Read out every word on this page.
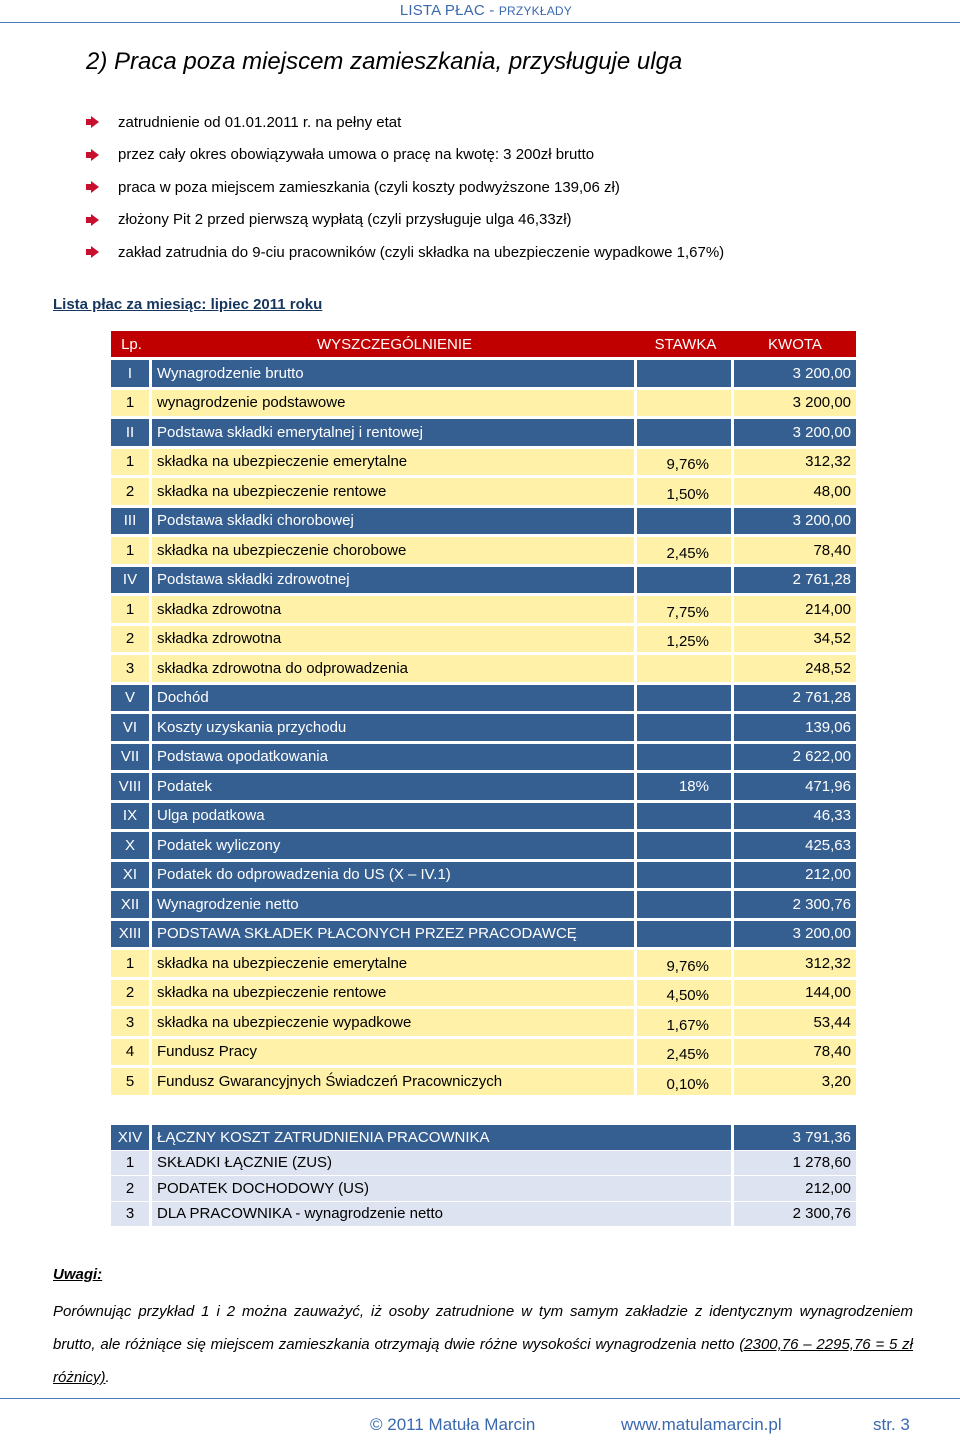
LISTA PŁAC - PRZYKŁADY
2) Praca poza miejscem zamieszkania, przysługuje ulga
zatrudnienie od 01.01.2011 r. na pełny etat
przez cały okres obowiązywała umowa o pracę na kwotę: 3 200zł brutto
praca w poza miejscem zamieszkania (czyli koszty podwyższone 139,06 zł)
złożony Pit 2 przed pierwszą wypłatą (czyli przysługuje ulga 46,33zł)
zakład zatrudnia do 9-ciu pracowników (czyli składka na ubezpieczenie wypadkowe 1,67%)
Lista płac za miesiąc: lipiec 2011 roku
Lp.	WYSZCZEGÓLNIENIE	STAWKA	KWOTA
I	Wynagrodzenie brutto		3 200,00
1	wynagrodzenie podstawowe		3 200,00
II	Podstawa składki emerytalnej i rentowej		3 200,00
1	składka na ubezpieczenie emerytalne	9,76%	312,32
2	składka na ubezpieczenie rentowe	1,50%	48,00
III	Podstawa składki chorobowej		3 200,00
1	składka na ubezpieczenie chorobowe	2,45%	78,40
IV	Podstawa składki zdrowotnej		2 761,28
1	składka zdrowotna	7,75%	214,00
2	składka zdrowotna	1,25%	34,52
3	składka zdrowotna do odprowadzenia		248,52
V	Dochód		2 761,28
VI	Koszty uzyskania przychodu		139,06
VII	Podstawa opodatkowania		2 622,00
VIII	Podatek	18%	471,96
IX	Ulga podatkowa		46,33
X	Podatek wyliczony		425,63
XI	Podatek do odprowadzenia do US (X – IV.1)		212,00
XII	Wynagrodzenie netto		2 300,76
XIII	PODSTAWA SKŁADEK PŁACONYCH PRZEZ PRACODAWCĘ		3 200,00
1	składka na ubezpieczenie emerytalne	9,76%	312,32
2	składka na ubezpieczenie rentowe	4,50%	144,00
3	składka na ubezpieczenie wypadkowe	1,67%	53,44
4	Fundusz Pracy	2,45%	78,40
5	Fundusz Gwarancyjnych Świadczeń Pracowniczych	0,10%	3,20
XIV	ŁĄCZNY KOSZT ZATRUDNIENIA PRACOWNIKA	3 791,36
1	SKŁADKI ŁĄCZNIE (ZUS)	1 278,60
2	PODATEK DOCHODOWY (US)	212,00
3	DLA PRACOWNIKA - wynagrodzenie netto	2 300,76
Uwagi:
Porównując przykład 1 i 2 można zauważyć, iż osoby zatrudnione w tym samym zakładzie z identycznym wynagrodzeniem brutto, ale różniące się miejscem zamieszkania otrzymają dwie różne wysokości wynagrodzenia netto (2300,76 – 2295,76 = 5 zł różnicy).
© 2011 Matuła Marcin	www.matulamarcin.pl	str. 3
